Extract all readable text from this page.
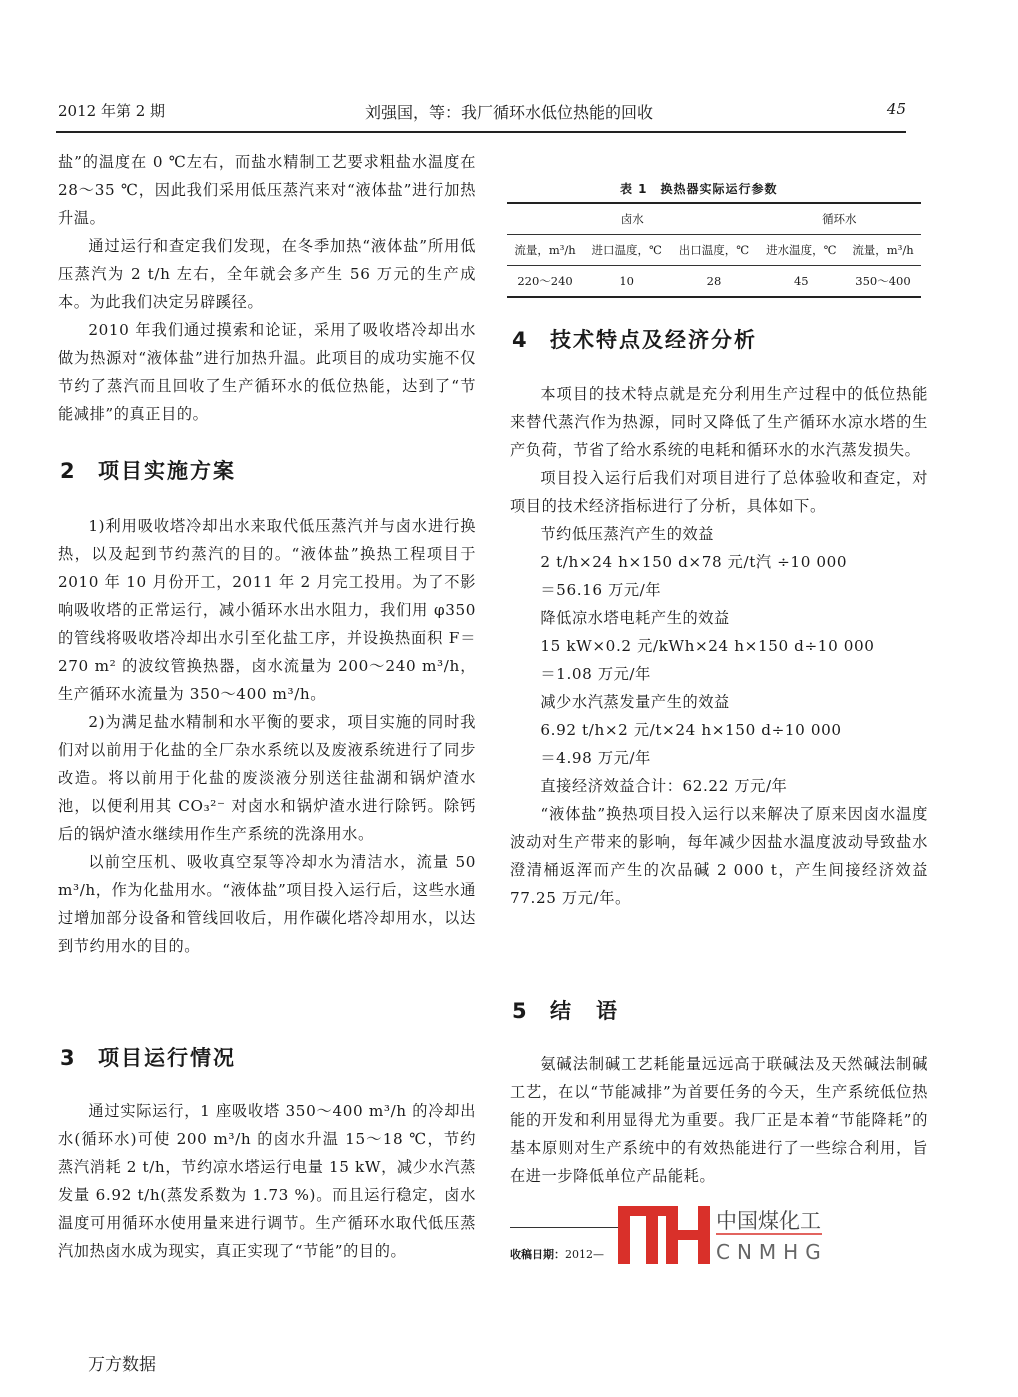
2012 年第 2 期	刘强国，等：我厂循环水低位热能的回收	45

盐”的温度在 0 ℃左右，而盐水精制工艺要求粗盐水温度在 28～35 ℃，因此我们采用低压蒸汽来对“液体盐”进行加热升温。

通过运行和查定我们发现，在冬季加热“液体盐”所用低压蒸汽为 2 t/h 左右，全年就会多产生 56 万元的生产成本。为此我们决定另辟蹊径。

2010 年我们通过摸索和论证，采用了吸收塔冷却出水做为热源对“液体盐”进行加热升温。此项目的成功实施不仅节约了蒸汽而且回收了生产循环水的低位热能，达到了“节能减排”的真正目的。

2 项目实施方案

1)利用吸收塔冷却出水来取代低压蒸汽并与卤水进行换热，以及起到节约蒸汽的目的。“液体盐”换热工程项目于 2010 年 10 月份开工，2011 年 2 月完工投用。为了不影响吸收塔的正常运行，减小循环水出水阻力，我们用 φ350 的管线将吸收塔冷却出水引至化盐工序，并设换热面积 F＝270 m² 的波纹管换热器，卤水流量为 200～240 m³/h，生产循环水流量为 350～400 m³/h。

2)为满足盐水精制和水平衡的要求，项目实施的同时我们对以前用于化盐的全厂杂水系统以及废液系统进行了同步改造。将以前用于化盐的废淡液分别送往盐湖和锅炉渣水池，以便利用其 CO₃²⁻ 对卤水和锅炉渣水进行除钙。除钙后的锅炉渣水继续用作生产系统的洗涤用水。

以前空压机、吸收真空泵等冷却水为清洁水，流量 50 m³/h，作为化盐用水。“液体盐”项目投入运行后，这些水通过增加部分设备和管线回收后，用作碳化塔冷却用水，以达到节约用水的目的。

3 项目运行情况

通过实际运行，1 座吸收塔 350～400 m³/h 的冷却出水(循环水)可使 200 m³/h 的卤水升温 15～18 ℃，节约蒸汽消耗 2 t/h，节约凉水塔运行电量 15 kW，减少水汽蒸发量 6.92 t/h(蒸发系数为 1.73 %)。而且运行稳定，卤水温度可用循环水使用量来进行调节。生产循环水取代低压蒸汽加热卤水成为现实，真正实现了“节能”的目的。

表 1　换热器实际运行参数
卤水			循环水	
流量，m³/h	进口温度，℃	出口温度，℃	进水温度，℃	流量，m³/h
220～240	10	28	45	350～400
4 技术特点及经济分析

本项目的技术特点就是充分利用生产过程中的低位热能来替代蒸汽作为热源，同时又降低了生产循环水凉水塔的生产负荷，节省了给水系统的电耗和循环水的水汽蒸发损失。

项目投入运行后我们对项目进行了总体验收和查定，对项目的技术经济指标进行了分析，具体如下。

节约低压蒸汽产生的效益

2 t/h×24 h×150 d×78 元/t汽 ÷10 000

＝56.16 万元/年

降低凉水塔电耗产生的效益

15 kW×0.2 元/kWh×24 h×150 d÷10 000

＝1.08 万元/年

减少水汽蒸发量产生的效益

6.92 t/h×2 元/t×24 h×150 d÷10 000

＝4.98 万元/年

直接经济效益合计：62.22 万元/年

“液体盐”换热项目投入运行以来解决了原来因卤水温度波动对生产带来的影响，每年减少因盐水温度波动导致盐水澄清桶返浑而产生的次品碱 2 000 t，产生间接经济效益 77.25 万元/年。

5 结　语

氨碱法制碱工艺耗能量远远高于联碱法及天然碱法制碱工艺，在以“节能减排”为首要任务的今天，生产系统低位热能的开发和利用显得尤为重要。我厂正是本着“节能降耗”的基本原则对生产系统中的有效热能进行了一些综合利用，旨在进一步降低单位产品能耗。

收稿日期：2012—
中国煤化工
CNMHG
万方数据
